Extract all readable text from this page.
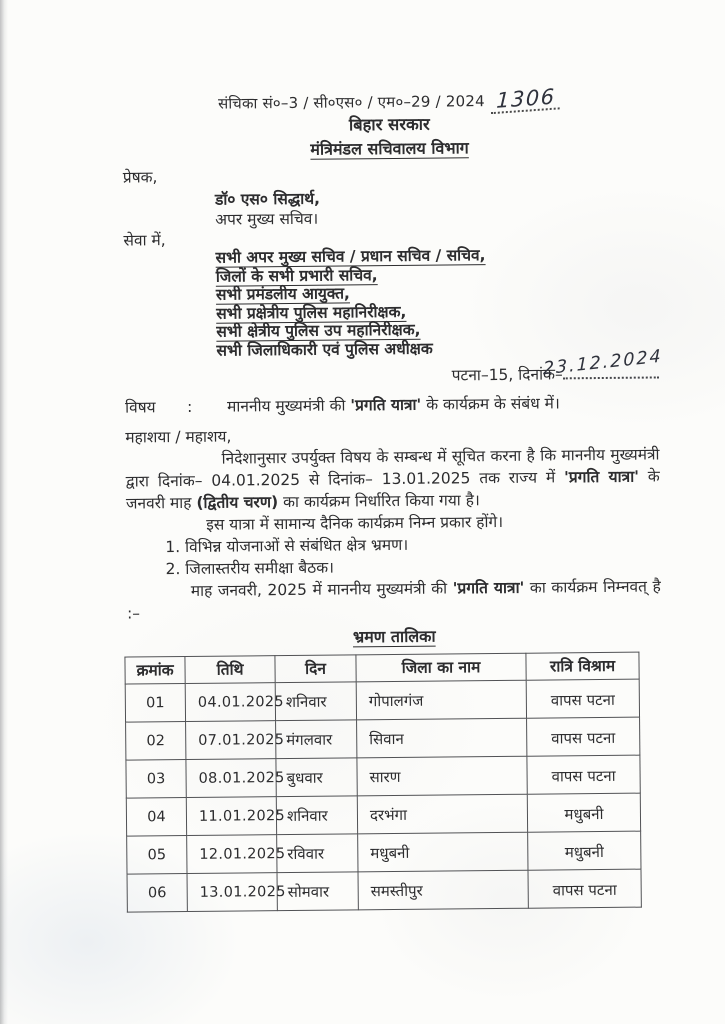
संचिका सं०–3 / सी०एस० / एम०–29 / 2024 1306
बिहार सरकार
मंत्रिमंडल सचिवालय विभाग
प्रेषक,
डॉ० एस० सिद्धार्थ,
अपर मुख्य सचिव।
सेवा में,
सभी अपर मुख्य सचिव / प्रधान सचिव / सचिव,
जिलों के सभी प्रभारी सचिव,
सभी प्रमंडलीय आयुक्त,
सभी प्रक्षेत्रीय पुलिस महानिरीक्षक,
सभी क्षेत्रीय पुलिस उप महानिरीक्षक,
सभी जिलाधिकारी एवं पुलिस अधीक्षक
पटना–15, दिनांक–
23.12.2024
विषय	:	माननीय मुख्यमंत्री की 'प्रगति यात्रा' के कार्यक्रम के संबंध में।
महाशया / महाशय,

निदेशानुसार उपर्युक्त विषय के सम्बन्ध में सूचित करना है कि माननीय मुख्यमंत्री द्वारा दिनांक– 04.01.2025 से दिनांक– 13.01.2025 तक राज्य में 'प्रगति यात्रा' के जनवरी माह (द्वितीय चरण) का कार्यक्रम निर्धारित किया गया है।

इस यात्रा में सामान्य दैनिक कार्यक्रम निम्न प्रकार होंगे।

1. विभिन्न योजनाओं से संबंधित क्षेत्र भ्रमण।
2. जिलास्तरीय समीक्षा बैठक।

माह जनवरी, 2025 में माननीय मुख्यमंत्री की 'प्रगति यात्रा' का कार्यक्रम निम्नवत् है :–

भ्रमण तालिका
क्रमांक	तिथि	दिन	जिला का नाम	रात्रि विश्राम
01	04.01.2025	शनिवार	गोपालगंज	वापस पटना
02	07.01.2025	मंगलवार	सिवान	वापस पटना
03	08.01.2025	बुधवार	सारण	वापस पटना
04	11.01.2025	शनिवार	दरभंगा	मधुबनी
05	12.01.2025	रविवार	मधुबनी	मधुबनी
06	13.01.2025	सोमवार	समस्तीपुर	वापस पटना
